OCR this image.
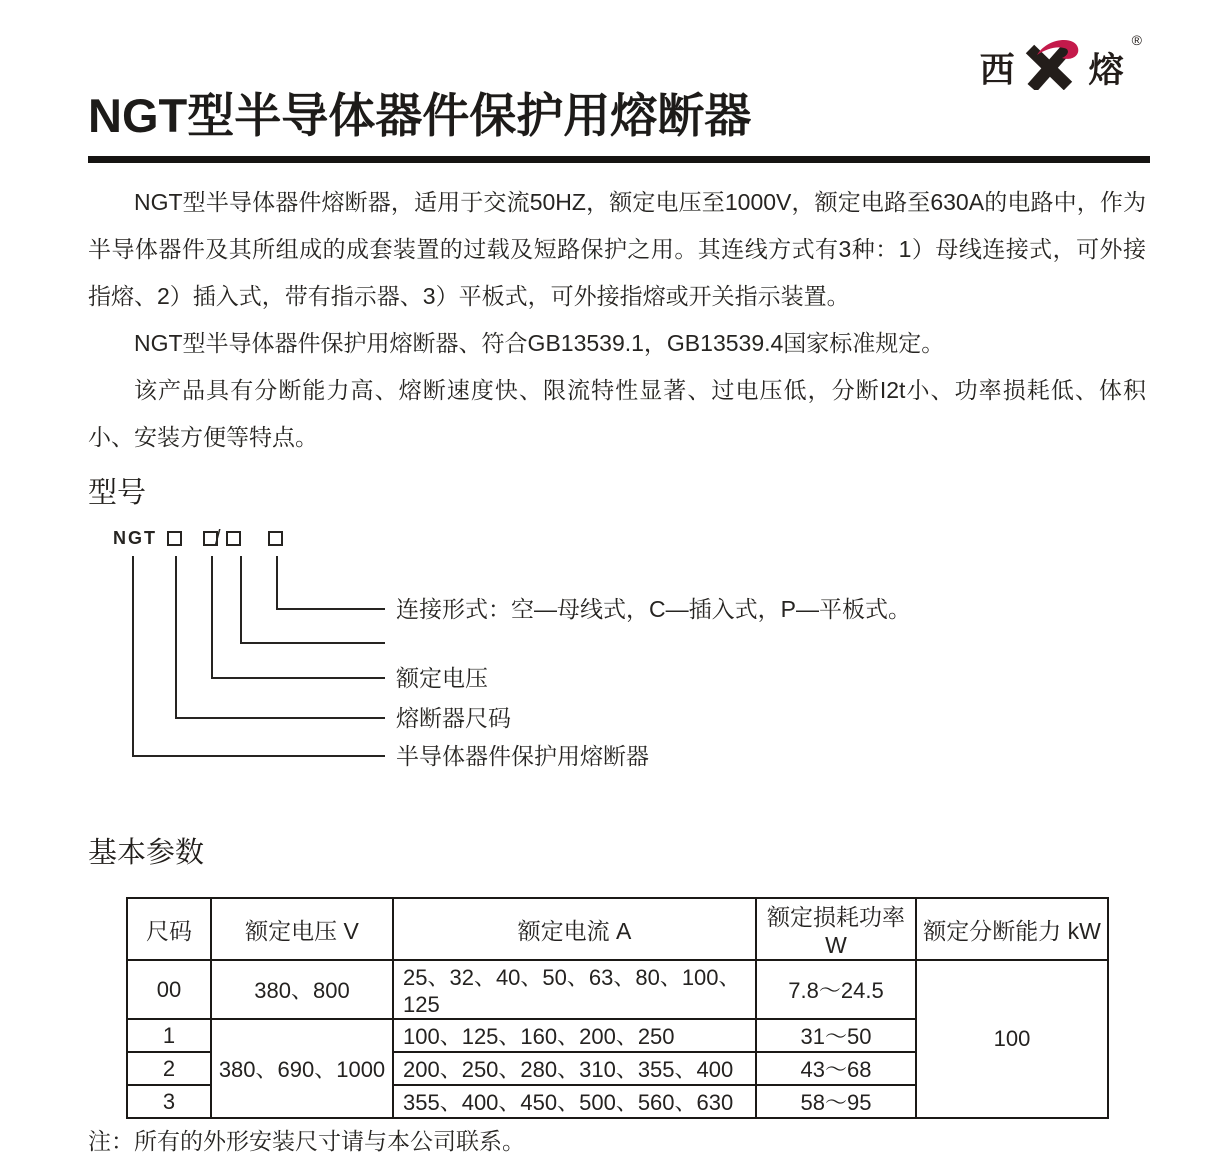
西 熔
®
NGT型半导体器件保护用熔断器

NGT型半导体器件熔断器，适用于交流50HZ，额定电压至1000V，额定电路至630A的电路中，作为半导体器件及其所组成的成套装置的过载及短路保护之用。其连线方式有3种：1）母线连接式，可外接指熔、2）插入式，带有指示器、3）平板式，可外接指熔或开关指示装置。

NGT型半导体器件保护用熔断器、符合GB13539.1，GB13539.4国家标准规定。

该产品具有分断能力高、熔断速度快、限流特性显著、过电压低，分断I2t小、功率损耗低、体积小、安装方便等特点。

型号
NGT	/
连接形式：空—母线式，C—插入式，P—平板式。
额定电压
熔断器尺码
半导体器件保护用熔断器
基本参数
尺码	额定电压 V	额定电流 A	额定损耗功率 W	额定分断能力 kW
00	380、800	25、32、40、50、63、80、100、125	7.8～24.5	100
1	380、690、1000	100、125、160、200、250	31～50	
2		200、250、280、310、355、400	43～68	
3		355、400、450、500、560、630	58～95	

注：所有的外形安装尺寸请与本公司联系。
